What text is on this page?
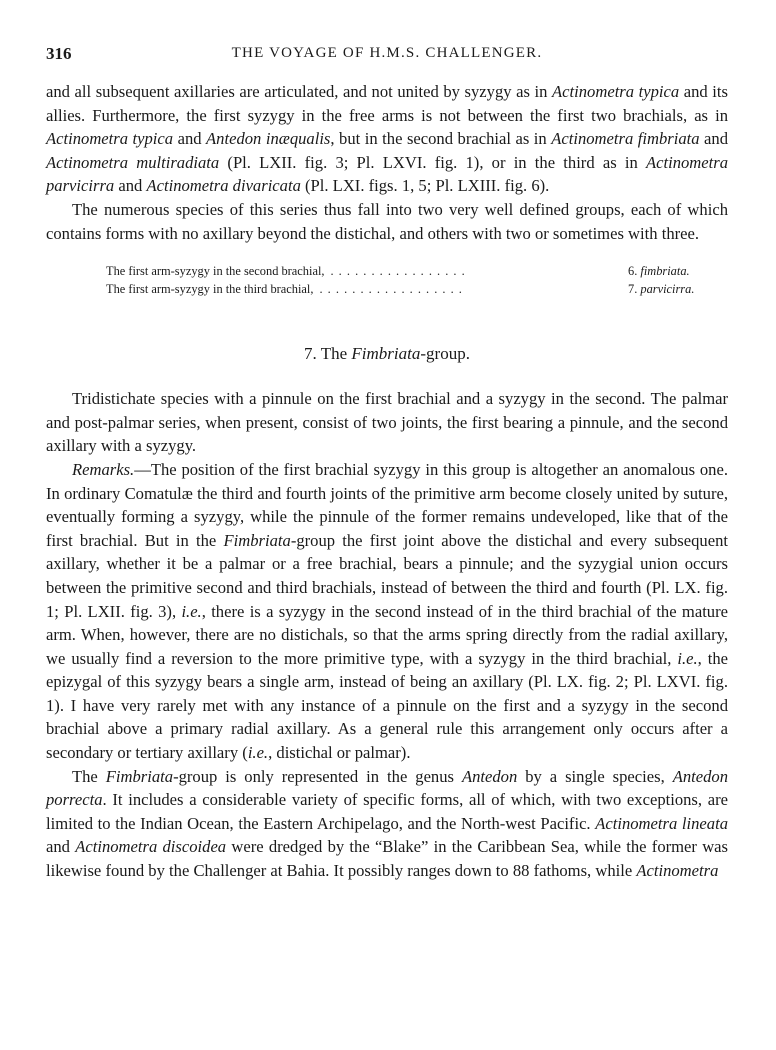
316	THE VOYAGE OF H.M.S. CHALLENGER.

and all subsequent axillaries are articulated, and not united by syzygy as in Actinometra typica and its allies. Furthermore, the first syzygy in the free arms is not between the first two brachials, as in Actinometra typica and Antedon inæqualis, but in the second brachial as in Actinometra fimbriata and Actinometra multiradiata (Pl. LXII. fig. 3; Pl. LXVI. fig. 1), or in the third as in Actinometra parvicirra and Actinometra divaricata (Pl. LXI. figs. 1, 5; Pl. LXIII. fig. 6).

The numerous species of this series thus fall into two very well defined groups, each of which contains forms with no axillary beyond the distichal, and others with two or sometimes with three.

The first arm-syzygy in the second brachial, . . . . . . . . . . . . . . . . .	6. fimbriata.
The first arm-syzygy in the third brachial, . . . . . . . . . . . . . . . . . .	7. parvicirra.
7. The Fimbriata-group.

Tridistichate species with a pinnule on the first brachial and a syzygy in the second. The palmar and post-palmar series, when present, consist of two joints, the first bearing a pinnule, and the second axillary with a syzygy.

Remarks.—The position of the first brachial syzygy in this group is altogether an anomalous one. In ordinary Comatulæ the third and fourth joints of the primitive arm become closely united by suture, eventually forming a syzygy, while the pinnule of the former remains undeveloped, like that of the first brachial. But in the Fimbriata-group the first joint above the distichal and every subsequent axillary, whether it be a palmar or a free brachial, bears a pinnule; and the syzygial union occurs between the primitive second and third brachials, instead of between the third and fourth (Pl. LX. fig. 1; Pl. LXII. fig. 3), i.e., there is a syzygy in the second instead of in the third brachial of the mature arm. When, however, there are no distichals, so that the arms spring directly from the radial axillary, we usually find a reversion to the more primitive type, with a syzygy in the third brachial, i.e., the epizygal of this syzygy bears a single arm, instead of being an axillary (Pl. LX. fig. 2; Pl. LXVI. fig. 1). I have very rarely met with any instance of a pinnule on the first and a syzygy in the second brachial above a primary radial axillary. As a general rule this arrangement only occurs after a secondary or tertiary axillary (i.e., distichal or palmar).

The Fimbriata-group is only represented in the genus Antedon by a single species, Antedon porrecta. It includes a considerable variety of specific forms, all of which, with two exceptions, are limited to the Indian Ocean, the Eastern Archipelago, and the North-west Pacific. Actinometra lineata and Actinometra discoidea were dredged by the “Blake” in the Caribbean Sea, while the former was likewise found by the Challenger at Bahia. It possibly ranges down to 88 fathoms, while Actinometra
